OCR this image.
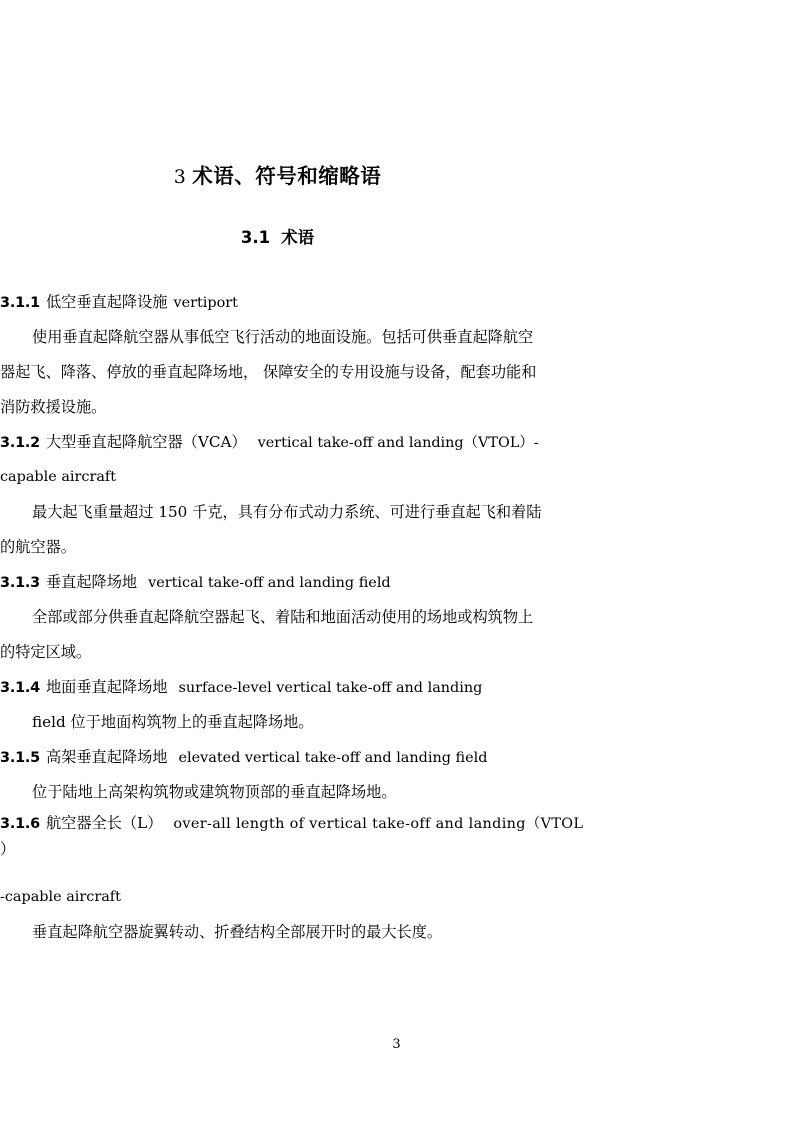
3 术语、符号和缩略语
3.1 术语
3.1.1 低空垂直起降设施 vertiport
使用垂直起降航空器从事低空飞行活动的地面设施。包括可供垂直起降航空
器起飞、降落、停放的垂直起降场地， 保障安全的专用设施与设备，配套功能和
消防救援设施。
3.1.2 大型垂直起降航空器（VCA） vertical take-off and landing（VTOL）-
capable aircraft
最大起飞重量超过 150 千克，具有分布式动力系统、可进行垂直起飞和着陆
的航空器。
3.1.3 垂直起降场地 vertical take-off and landing field
全部或部分供垂直起降航空器起飞、着陆和地面活动使用的场地或构筑物上
的特定区域。
3.1.4 地面垂直起降场地 surface-level vertical take-off and landing
field 位于地面构筑物上的垂直起降场地。
3.1.5 高架垂直起降场地 elevated vertical take-off and landing field
位于陆地上高架构筑物或建筑物顶部的垂直起降场地。
3.1.6 航空器全长（L） over-all length of vertical take-off and landing（VTOL
）
-capable aircraft
垂直起降航空器旋翼转动、折叠结构全部展开时的最大长度。
3
